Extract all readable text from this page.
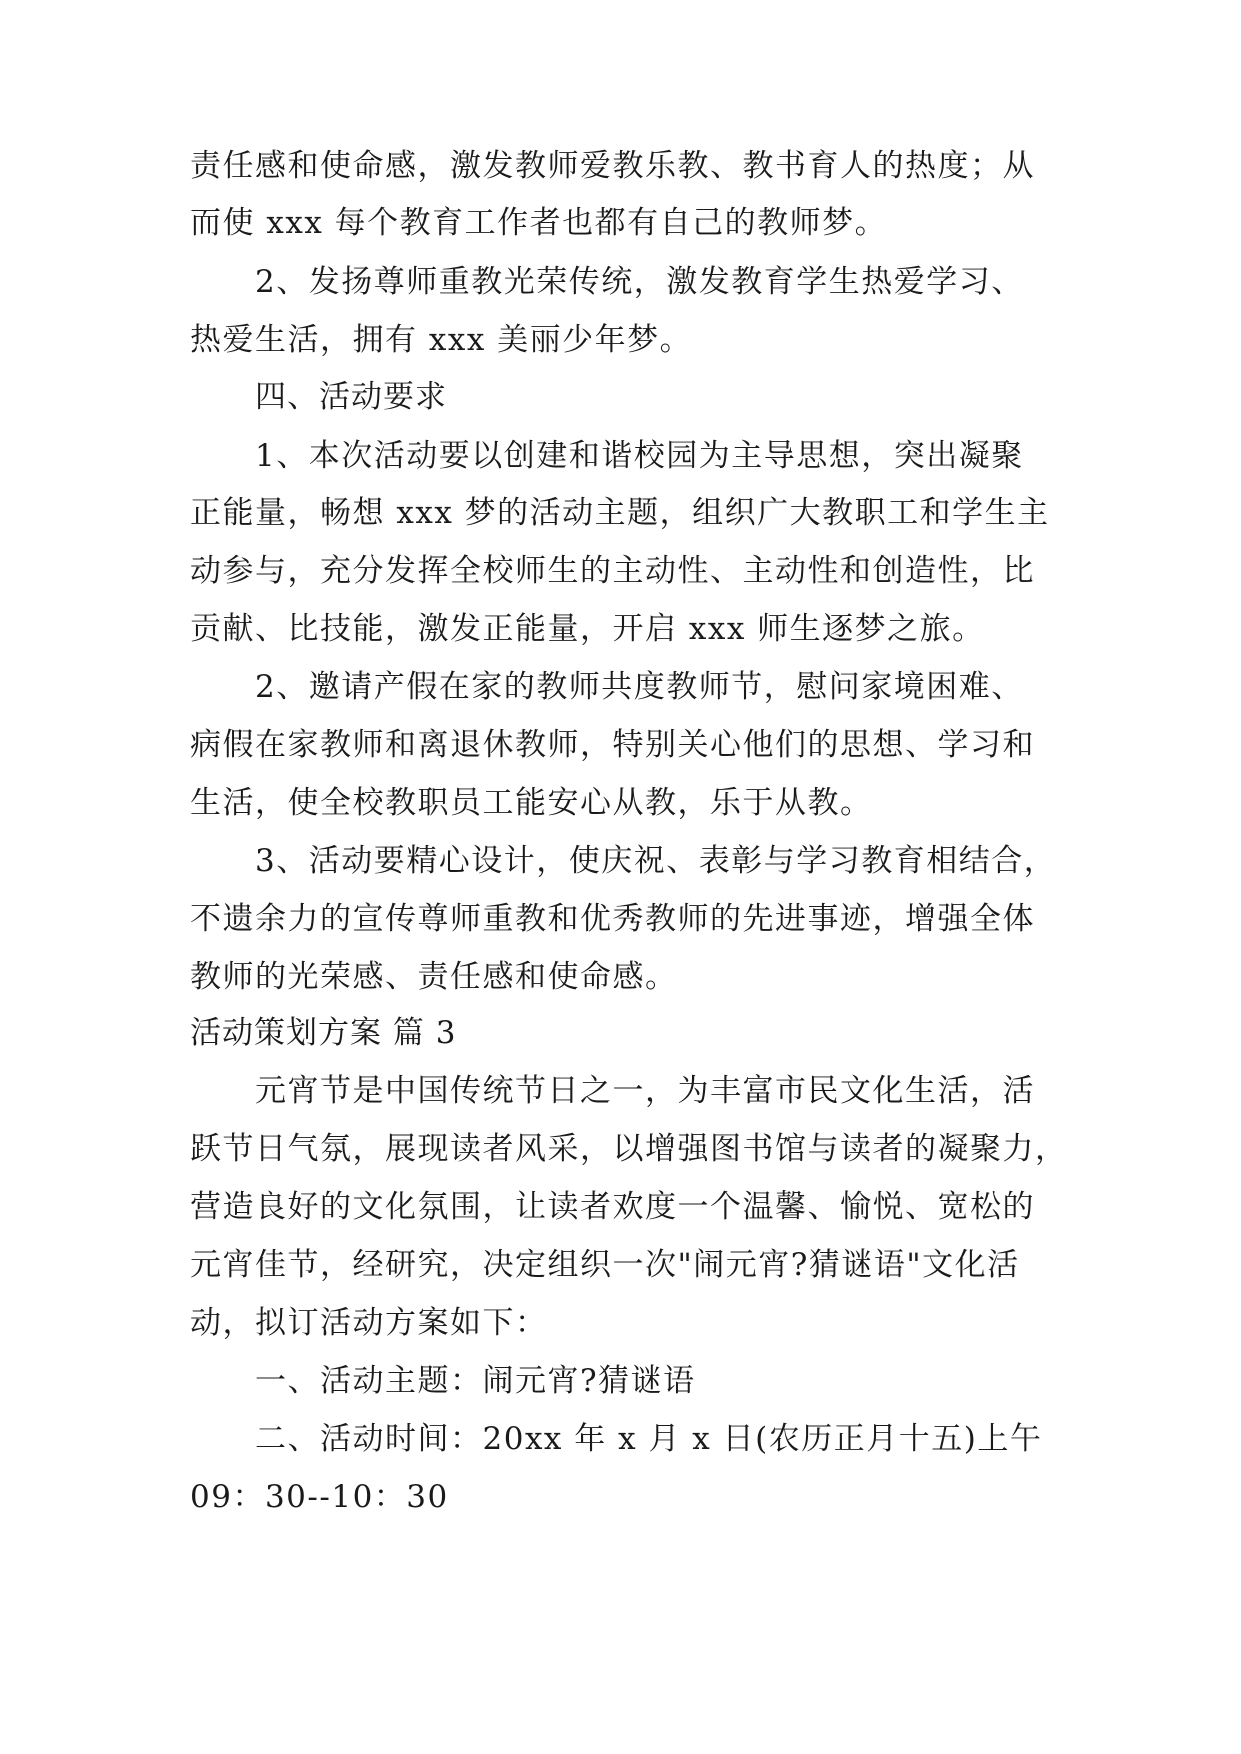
责任感和使命感，激发教师爱教乐教、教书育人的热度；从
而使 xxx 每个教育工作者也都有自己的教师梦。
2、发扬尊师重教光荣传统，激发教育学生热爱学习、
热爱生活，拥有 xxx 美丽少年梦。
四、活动要求
1、本次活动要以创建和谐校园为主导思想，突出凝聚
正能量，畅想 xxx 梦的活动主题，组织广大教职工和学生主
动参与，充分发挥全校师生的主动性、主动性和创造性，比
贡献、比技能，激发正能量，开启 xxx 师生逐梦之旅。
2、邀请产假在家的教师共度教师节，慰问家境困难、
病假在家教师和离退休教师，特别关心他们的思想、学习和
生活，使全校教职员工能安心从教，乐于从教。
3、活动要精心设计，使庆祝、表彰与学习教育相结合，
不遗余力的宣传尊师重教和优秀教师的先进事迹，增强全体
教师的光荣感、责任感和使命感。
活动策划方案 篇 3
元宵节是中国传统节日之一，为丰富市民文化生活，活
跃节日气氛，展现读者风采，以增强图书馆与读者的凝聚力，
营造良好的文化氛围，让读者欢度一个温馨、愉悦、宽松的
元宵佳节，经研究，决定组织一次"闹元宵?猜谜语"文化活
动，拟订活动方案如下：
一、活动主题：闹元宵?猜谜语
二、活动时间：20xx 年 x 月 x 日(农历正月十五)上午
09：30--10：30
